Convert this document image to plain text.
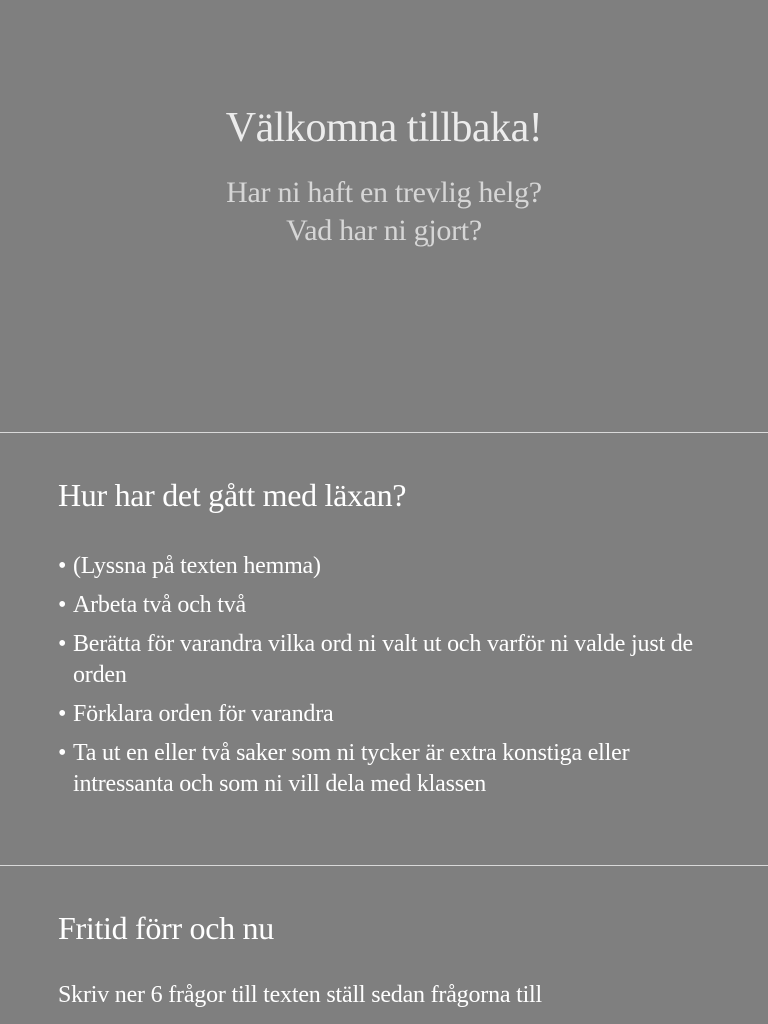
Välkomna tillbaka!
Har ni haft en trevlig helg?
Vad har ni gjort?
Hur har det gått med läxan?
• (Lyssna på texten hemma)
• Arbeta två och två
• Berätta för varandra vilka ord ni valt ut och varför ni valde just de orden
• Förklara orden för varandra
• Ta ut en eller två saker som ni tycker är extra konstiga eller intressanta och som ni vill dela med klassen
Fritid förr och nu
Skriv ner 6 frågor till texten ställ sedan frågorna till
